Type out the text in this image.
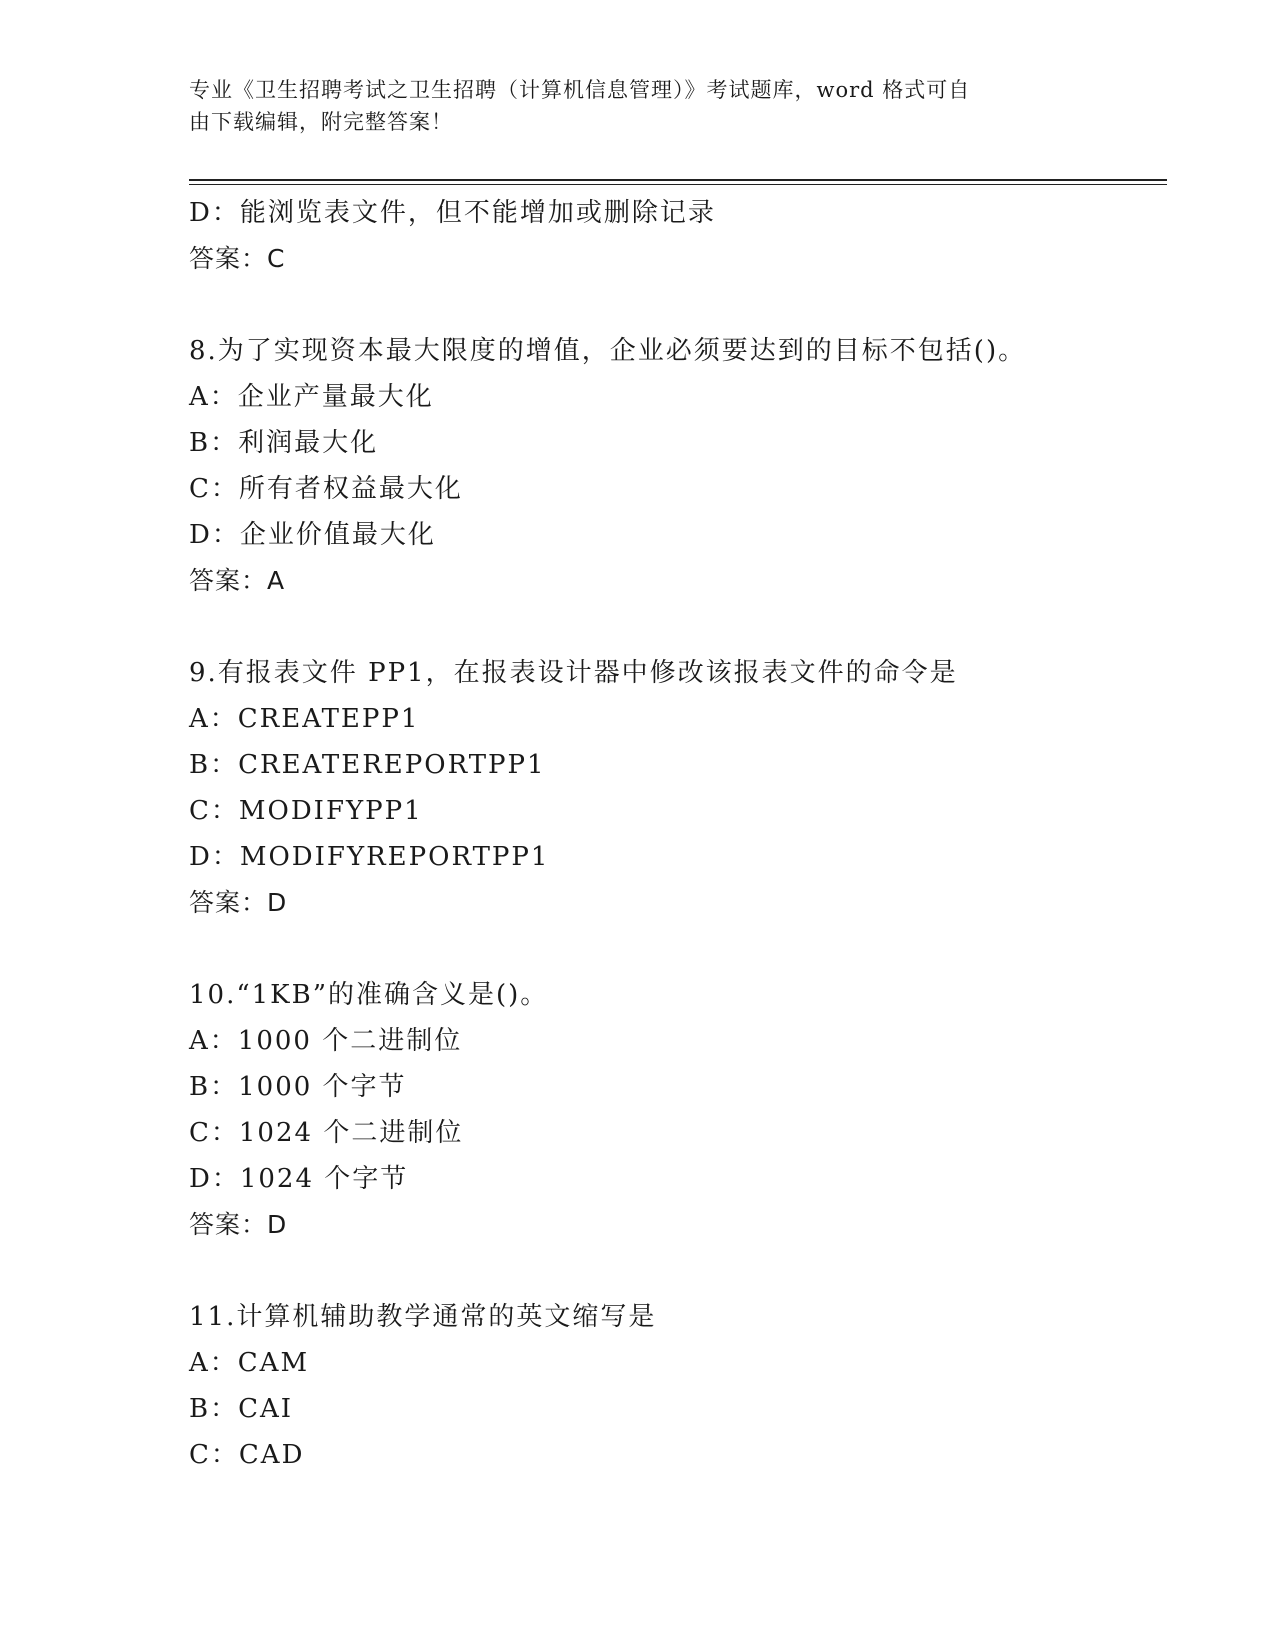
专业《卫生招聘考试之卫生招聘（计算机信息管理）》考试题库，word 格式可自
由下载编辑，附完整答案！
D：能浏览表文件，但不能增加或删除记录
答案：C
8.为了实现资本最大限度的增值，企业必须要达到的目标不包括()。
A：企业产量最大化
B：利润最大化
C：所有者权益最大化
D：企业价值最大化
答案：A
9.有报表文件 PP1，在报表设计器中修改该报表文件的命令是
A：CREATEPP1
B：CREATEREPORTPP1
C：MODIFYPP1
D：MODIFYREPORTPP1
答案：D
10.“1KB”的准确含义是()。
A：1000 个二进制位
B：1000 个字节
C：1024 个二进制位
D：1024 个字节
答案：D
11.计算机辅助教学通常的英文缩写是
A：CAM
B：CAI
C：CAD
